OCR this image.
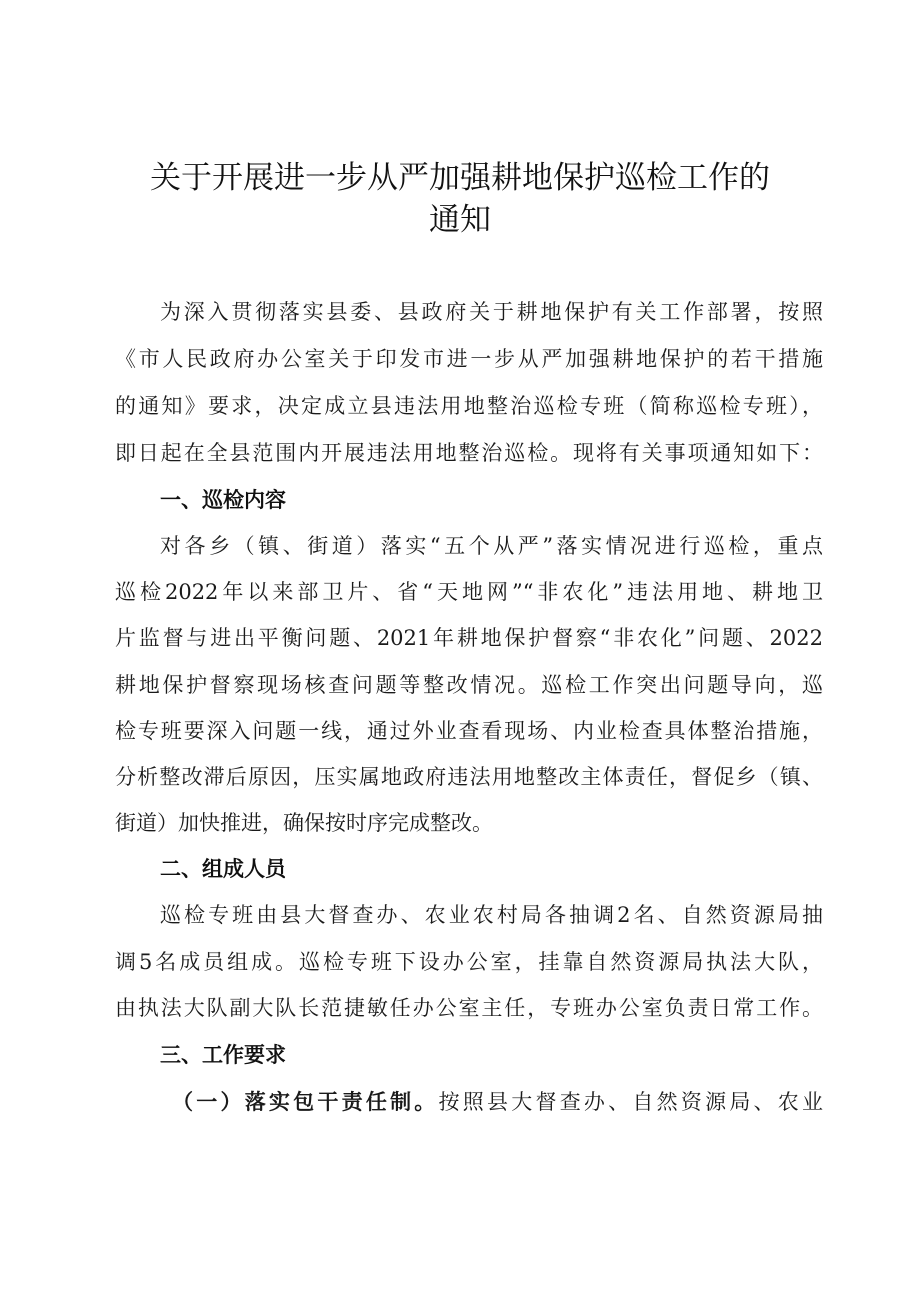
关于开展进一步从严加强耕地保护巡检工作的
通知
为深入贯彻落实县委、县政府关于耕地保护有关工作部署，按照
《市人民政府办公室关于印发市进一步从严加强耕地保护的若干措施
的通知》要求，决定成立县违法用地整治巡检专班（简称巡检专班），
即日起在全县范围内开展违法用地整治巡检。现将有关事项通知如下：
一、巡检内容
对各乡（镇、街道）落实“五个从严”落实情况进行巡检，重点
巡检2022年以来部卫片、省“天地网”“非农化”违法用地、耕地卫
片监督与进出平衡问题、2021年耕地保护督察“非农化”问题、2022
耕地保护督察现场核查问题等整改情况。巡检工作突出问题导向，巡
检专班要深入问题一线，通过外业查看现场、内业检查具体整治措施，
分析整改滞后原因，压实属地政府违法用地整改主体责任，督促乡（镇、
街道）加快推进，确保按时序完成整改。
二、组成人员
巡检专班由县大督查办、农业农村局各抽调2名、自然资源局抽
调5名成员组成。巡检专班下设办公室，挂靠自然资源局执法大队，
由执法大队副大队长范捷敏任办公室主任，专班办公室负责日常工作。
三、工作要求
（一）落实包干责任制。按照县大督查办、自然资源局、农业
